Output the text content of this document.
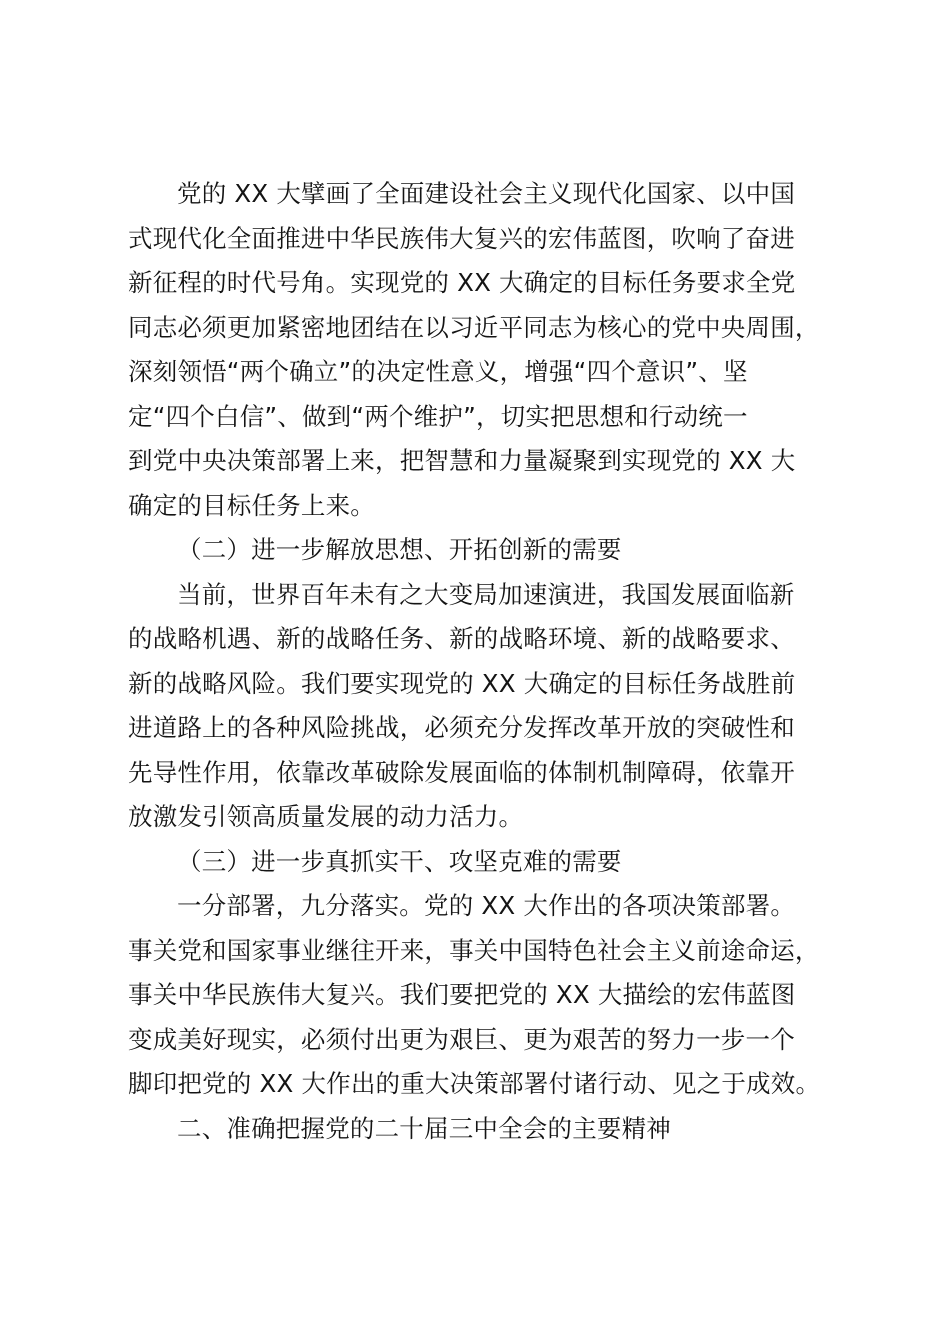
党的 XX 大擘画了全面建设社会主义现代化国家、以中国
式现代化全面推进中华民族伟大复兴的宏伟蓝图，吹响了奋进
新征程的时代号角。实现党的 XX 大确定的目标任务要求全党
同志必须更加紧密地团结在以习近平同志为核心的党中央周围，
深刻领悟“两个确立”的决定性意义，增强“四个意识”、坚
定“四个白信”、做到“两个维护”，切实把思想和行动统一
到党中央决策部署上来，把智慧和力量凝聚到实现党的 XX 大
确定的目标任务上来。
（二）进一步解放思想、开拓创新的需要
当前，世界百年未有之大变局加速演进，我国发展面临新
的战略机遇、新的战略任务、新的战略环境、新的战略要求、
新的战略风险。我们要实现党的 XX 大确定的目标任务战胜前
进道路上的各种风险挑战，必须充分发挥改革开放的突破性和
先导性作用，依靠改革破除发展面临的体制机制障碍，依靠开
放激发引领高质量发展的动力活力。
（三）进一步真抓实干、攻坚克难的需要
一分部署，九分落实。党的 XX 大作出的各项决策部署。
事关党和国家事业继往开来，事关中国特色社会主义前途命运，
事关中华民族伟大复兴。我们要把党的 XX 大描绘的宏伟蓝图
变成美好现实，必须付出更为艰巨、更为艰苦的努力一步一个
脚印把党的 XX 大作出的重大决策部署付诸行动、见之于成效。
二、准确把握党的二十届三中全会的主要精神
